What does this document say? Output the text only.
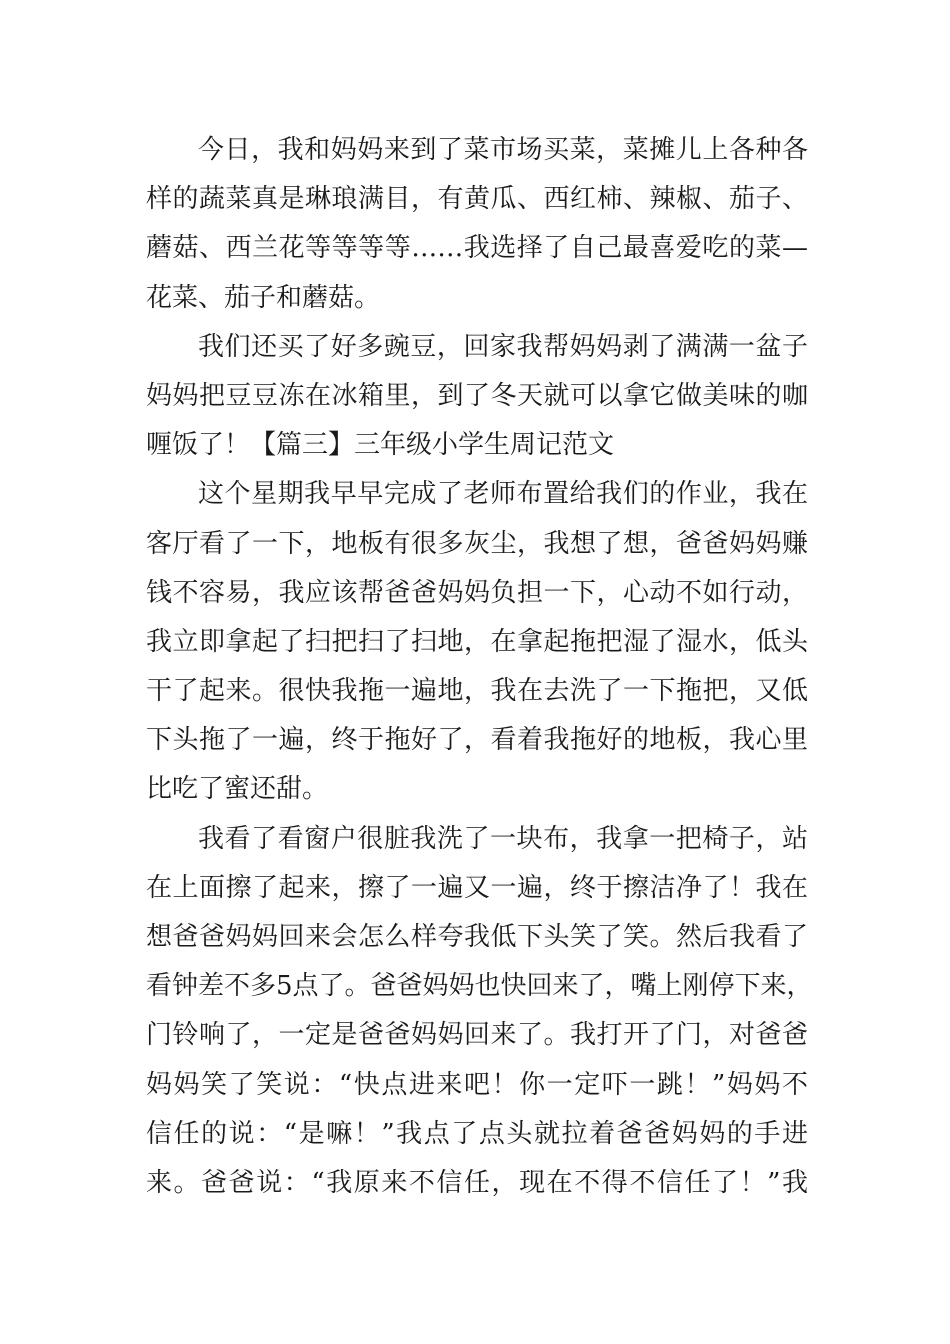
今日，我和妈妈来到了菜市场买菜，菜摊儿上各种各
样的蔬菜真是琳琅满目，有黄瓜、西红柿、辣椒、茄子、
蘑菇、西兰花等等等等……我选择了自己最喜爱吃的菜—
花菜、茄子和蘑菇。
我们还买了好多豌豆，回家我帮妈妈剥了满满一盆子
妈妈把豆豆冻在冰箱里，到了冬天就可以拿它做美味的咖
喱饭了！【篇三】三年级小学生周记范文
这个星期我早早完成了老师布置给我们的作业，我在
客厅看了一下，地板有很多灰尘，我想了想，爸爸妈妈赚
钱不容易，我应该帮爸爸妈妈负担一下，心动不如行动，
我立即拿起了扫把扫了扫地，在拿起拖把湿了湿水，低头
干了起来。很快我拖一遍地，我在去洗了一下拖把，又低
下头拖了一遍，终于拖好了，看着我拖好的地板，我心里
比吃了蜜还甜。
我看了看窗户很脏我洗了一块布，我拿一把椅子，站
在上面擦了起来，擦了一遍又一遍，终于擦洁净了！我在
想爸爸妈妈回来会怎么样夸我低下头笑了笑。然后我看了
看钟差不多5点了。爸爸妈妈也快回来了，嘴上刚停下来，
门铃响了，一定是爸爸妈妈回来了。我打开了门，对爸爸
妈妈笑了笑说：“快点进来吧！你一定吓一跳！”妈妈不
信任的说：“是嘛！”我点了点头就拉着爸爸妈妈的手进
来。爸爸说：“我原来不信任，现在不得不信任了！”我
